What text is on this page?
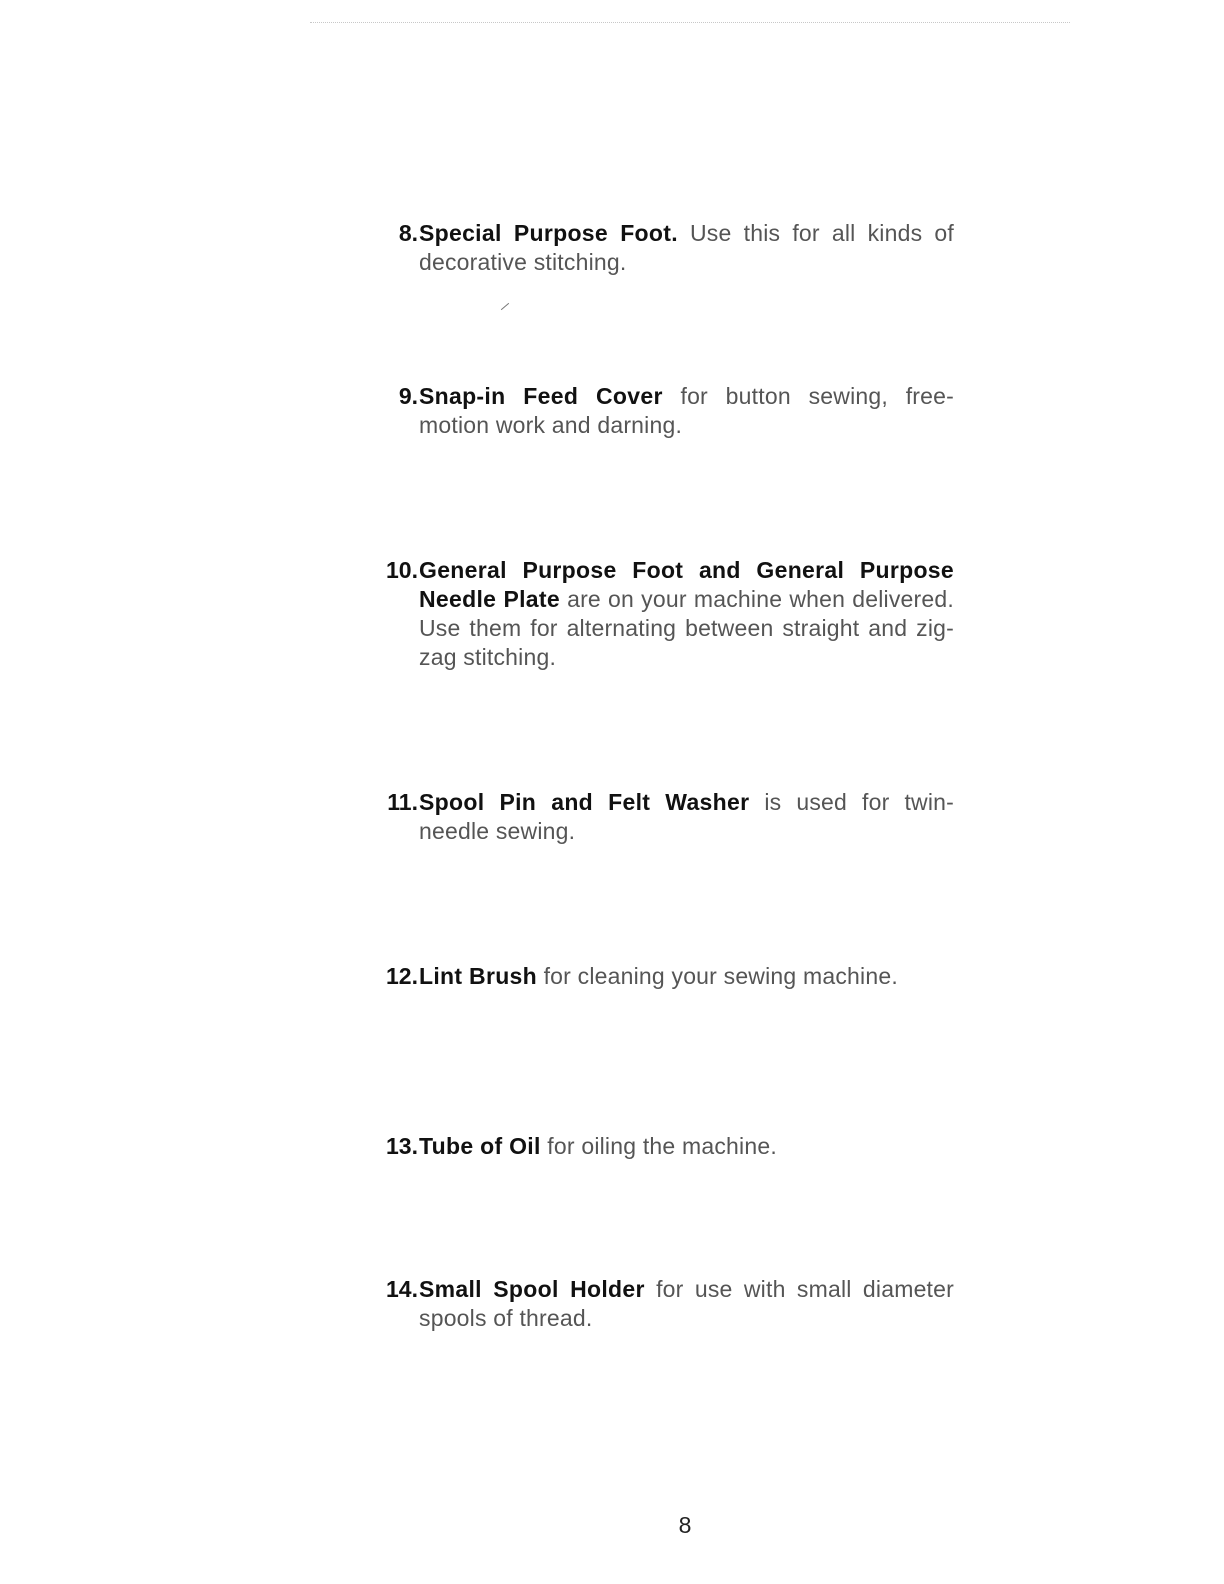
8. Special Purpose Foot. Use this for all kinds of decorative stitching.
9. Snap-in Feed Cover for button sewing, free-motion work and darning.
10. General Purpose Foot and General Purpose Needle Plate are on your machine when delivered. Use them for alternating between straight and zig-zag stitching.
11. Spool Pin and Felt Washer is used for twin-needle sewing.
12. Lint Brush for cleaning your sewing machine.
13. Tube of Oil for oiling the machine.
14. Small Spool Holder for use with small diameter spools of thread.
8
